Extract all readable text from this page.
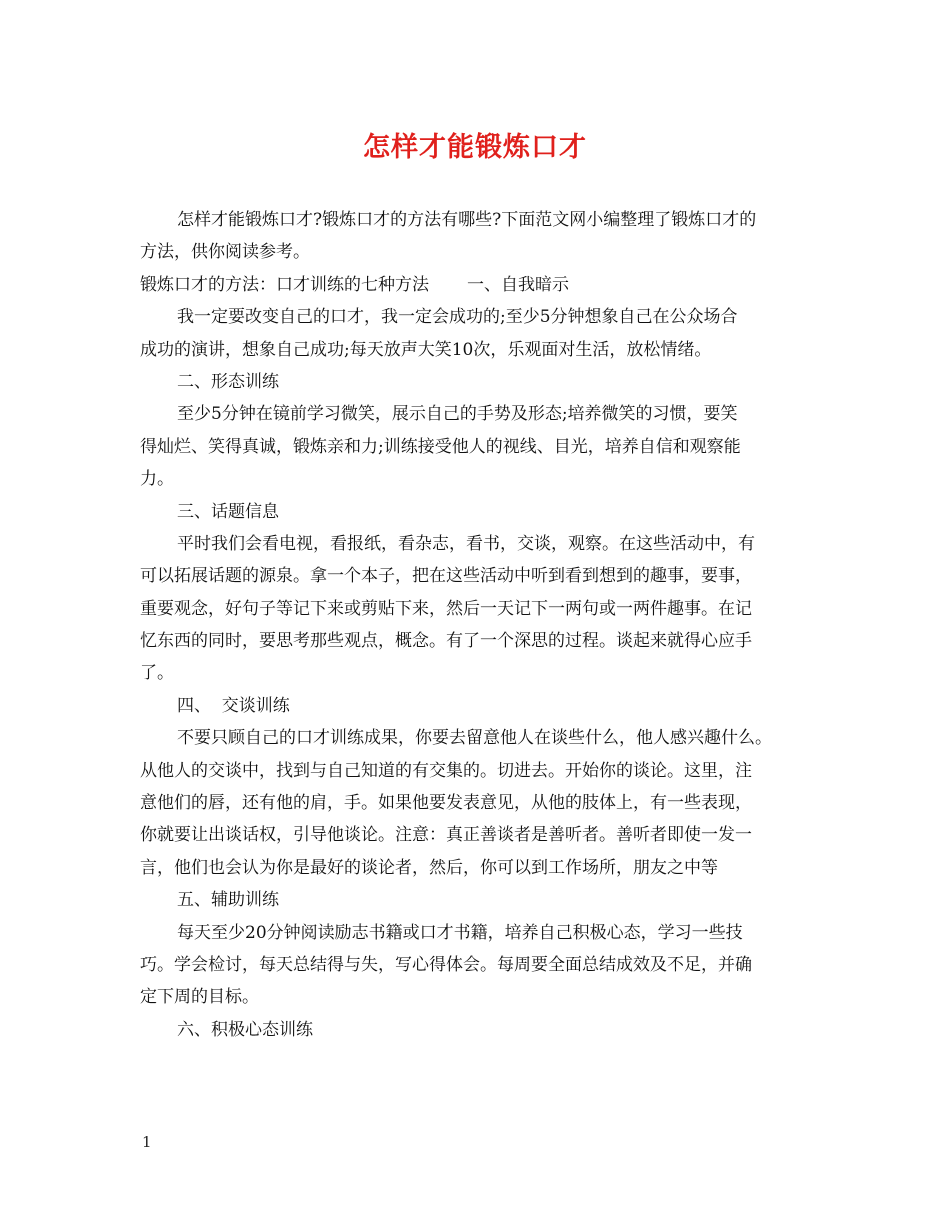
怎样才能锻炼口才
怎样才能锻炼口才?锻炼口才的方法有哪些?下面范文网小编整理了锻炼口才的
方法，供你阅读参考。
锻炼口才的方法：口才训练的七种方法 一、自我暗示
我一定要改变自己的口才，我一定会成功的;至少5分钟想象自己在公众场合
成功的演讲，想象自己成功;每天放声大笑10次，乐观面对生活，放松情绪。
二、形态训练
至少5分钟在镜前学习微笑，展示自己的手势及形态;培养微笑的习惯，要笑
得灿烂、笑得真诚，锻炼亲和力;训练接受他人的视线、目光，培养自信和观察能
力。
三、话题信息
平时我们会看电视，看报纸，看杂志，看书，交谈，观察。在这些活动中，有
可以拓展话题的源泉。拿一个本子，把在这些活动中听到看到想到的趣事，要事，
重要观念，好句子等记下来或剪贴下来，然后一天记下一两句或一两件趣事。在记
忆东西的同时，要思考那些观点，概念。有了一个深思的过程。谈起来就得心应手
了。
四、  交谈训练
不要只顾自己的口才训练成果，你要去留意他人在谈些什么，他人感兴趣什么。
从他人的交谈中，找到与自己知道的有交集的。切进去。开始你的谈论。这里，注
意他们的唇，还有他的肩，手。如果他要发表意见，从他的肢体上，有一些表现，
你就要让出谈话权，引导他谈论。注意：真正善谈者是善听者。善听者即使一发一
言，他们也会认为你是最好的谈论者，然后，你可以到工作场所，朋友之中等
五、辅助训练
每天至少20分钟阅读励志书籍或口才书籍，培养自己积极心态，学习一些技
巧。学会检讨，每天总结得与失，写心得体会。每周要全面总结成效及不足，并确
定下周的目标。
六、积极心态训练
1
